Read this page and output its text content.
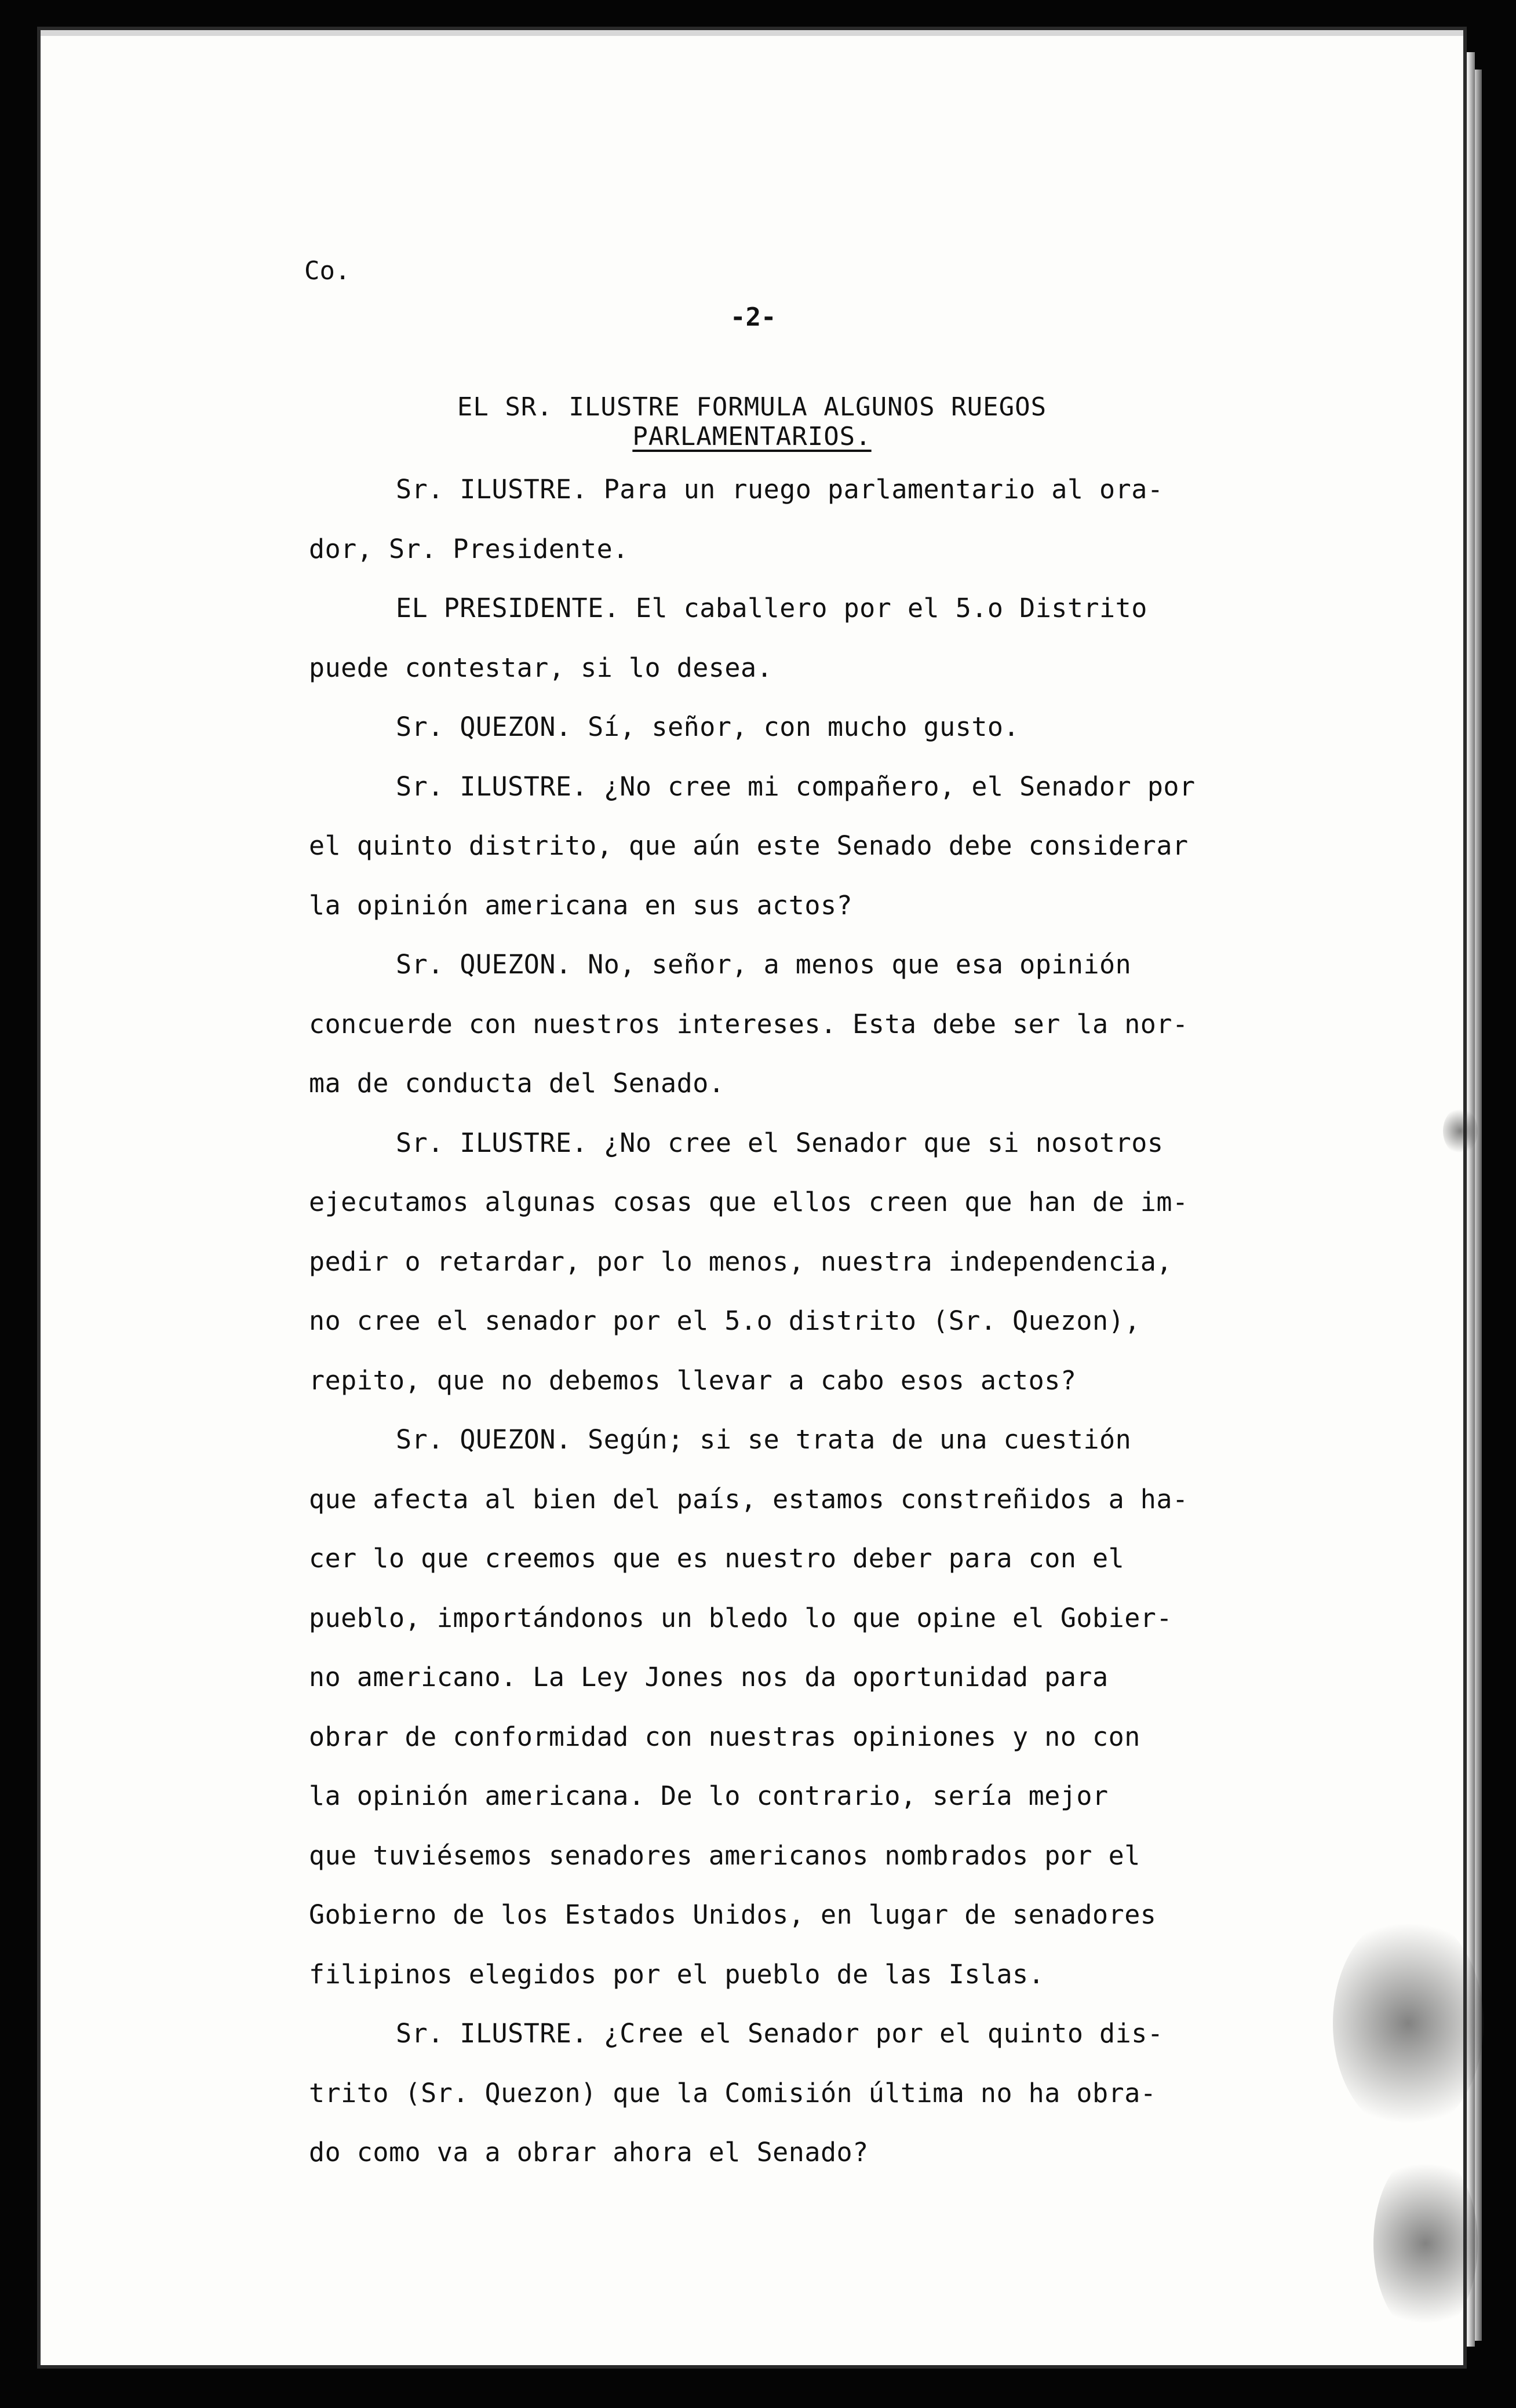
Co.
-2-
EL SR. ILUSTRE FORMULA ALGUNOS RUEGOS
PARLAMENTARIOS.
Sr. ILUSTRE. Para un ruego parlamentario al ora-
dor, Sr. Presidente.
EL PRESIDENTE. El caballero por el 5.o Distrito
puede contestar, si lo desea.
Sr. QUEZON. Sí, señor, con mucho gusto.
Sr. ILUSTRE. ¿No cree mi compañero, el Senador por
el quinto distrito, que aún este Senado debe considerar
la opinión americana en sus actos?
Sr. QUEZON. No, señor, a menos que esa opinión
concuerde con nuestros intereses. Esta debe ser la nor-
ma de conducta del Senado.
Sr. ILUSTRE. ¿No cree el Senador que si nosotros
ejecutamos algunas cosas que ellos creen que han de im-
pedir o retardar, por lo menos, nuestra independencia,
no cree el senador por el 5.o distrito (Sr. Quezon),
repito, que no debemos llevar a cabo esos actos?
Sr. QUEZON. Según; si se trata de una cuestión
que afecta al bien del país, estamos constreñidos a ha-
cer lo que creemos que es nuestro deber para con el
pueblo, importándonos un bledo lo que opine el Gobier-
no americano. La Ley Jones nos da oportunidad para
obrar de conformidad con nuestras opiniones y no con
la opinión americana. De lo contrario, sería mejor
que tuviésemos senadores americanos nombrados por el
Gobierno de los Estados Unidos, en lugar de senadores
filipinos elegidos por el pueblo de las Islas.
Sr. ILUSTRE. ¿Cree el Senador por el quinto dis-
trito (Sr. Quezon) que la Comisión última no ha obra-
do como va a obrar ahora el Senado?
